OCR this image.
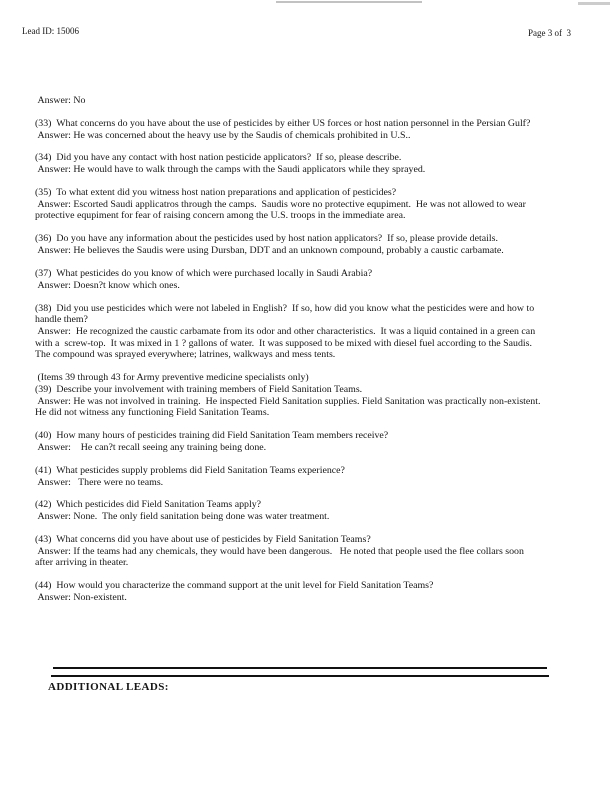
Lead ID: 15006	Page 3 of  3

Answer: No

(33)  What concerns do you have about the use of pesticides by either US forces or host nation personnel in the Persian Gulf?

Answer: He was concerned about the heavy use by the Saudis of chemicals prohibited in U.S..

(34)  Did you have any contact with host nation pesticide applicators?  If so, please describe.

Answer: He would have to walk through the camps with the Saudi applicators while they sprayed.

(35)  To what extent did you witness host nation preparations and application of pesticides?

Answer: Escorted Saudi applicatros through the camps.  Saudis wore no protective equpiment.  He was not allowed to wear protective equpiment for fear of raising concern among the U.S. troops in the immediate area.

(36)  Do you have any information about the pesticides used by host nation applicators?  If so, please provide details.

Answer: He believes the Saudis were using Dursban, DDT and an unknown compound, probably a caustic carbamate.

(37)  What pesticides do you know of which were purchased locally in Saudi Arabia?

Answer: Doesn?t know which ones.

(38)  Did you use pesticides which were not labeled in English?  If so, how did you know what the pesticides were and how to handle them?

Answer:  He recognized the caustic carbamate from its odor and other characteristics.  It was a liquid contained in a green can with a  screw-top.  It was mixed in 1 ? gallons of water.  It was supposed to be mixed with diesel fuel according to the Saudis.  The compound was sprayed everywhere; latrines, walkways and mess tents.

(Items 39 through 43 for Army preventive medicine specialists only)

(39)  Describe your involvement with training members of Field Sanitation Teams.

Answer: He was not involved in training.  He inspected Field Sanitation supplies. Field Sanitation was practically non-existent.  He did not witness any functioning Field Sanitation Teams.

(40)  How many hours of pesticides training did Field Sanitation Team members receive?

Answer:    He can?t recall seeing any training being done.

(41)  What pesticides supply problems did Field Sanitation Teams experience?

Answer:   There were no teams.

(42)  Which pesticides did Field Sanitation Teams apply?

Answer: None.  The only field sanitation being done was water treatment.

(43)  What concerns did you have about use of pesticides by Field Sanitation Teams?

Answer: If the teams had any chemicals, they would have been dangerous.   He noted that people used the flee collars soon after arriving in theater.

(44)  How would you characterize the command support at the unit level for Field Sanitation Teams?

Answer: Non-existent.

ADDITIONAL LEADS:
